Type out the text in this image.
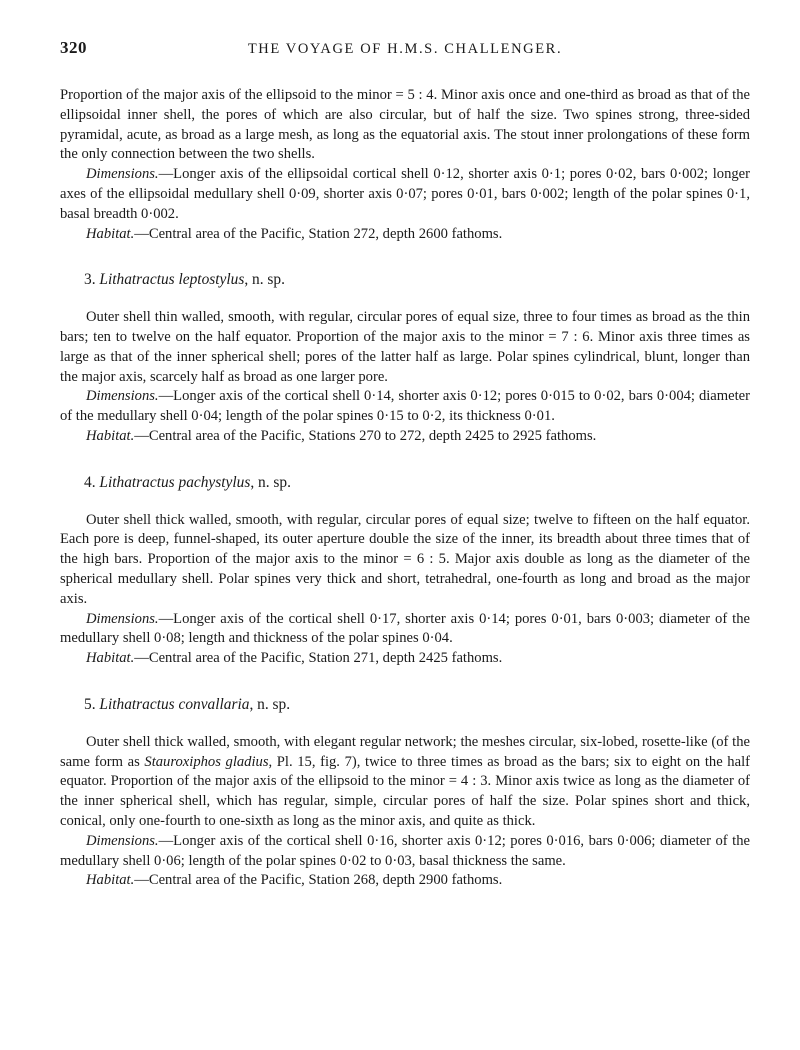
320	THE VOYAGE OF H.M.S. CHALLENGER.

Proportion of the major axis of the ellipsoid to the minor = 5 : 4. Minor axis once and one-third as broad as that of the ellipsoidal inner shell, the pores of which are also circular, but of half the size. Two spines strong, three-sided pyramidal, acute, as broad as a large mesh, as long as the equatorial axis. The stout inner prolongations of these form the only connection between the two shells.

Dimensions.—Longer axis of the ellipsoidal cortical shell 0·12, shorter axis 0·1; pores 0·02, bars 0·002; longer axes of the ellipsoidal medullary shell 0·09, shorter axis 0·07; pores 0·01, bars 0·002; length of the polar spines 0·1, basal breadth 0·002.

Habitat.—Central area of the Pacific, Station 272, depth 2600 fathoms.

3. Lithatractus leptostylus, n. sp.

Outer shell thin walled, smooth, with regular, circular pores of equal size, three to four times as broad as the thin bars; ten to twelve on the half equator. Proportion of the major axis to the minor = 7 : 6. Minor axis three times as large as that of the inner spherical shell; pores of the latter half as large. Polar spines cylindrical, blunt, longer than the major axis, scarcely half as broad as one larger pore.

Dimensions.—Longer axis of the cortical shell 0·14, shorter axis 0·12; pores 0·015 to 0·02, bars 0·004; diameter of the medullary shell 0·04; length of the polar spines 0·15 to 0·2, its thickness 0·01.

Habitat.—Central area of the Pacific, Stations 270 to 272, depth 2425 to 2925 fathoms.

4. Lithatractus pachystylus, n. sp.

Outer shell thick walled, smooth, with regular, circular pores of equal size; twelve to fifteen on the half equator. Each pore is deep, funnel-shaped, its outer aperture double the size of the inner, its breadth about three times that of the high bars. Proportion of the major axis to the minor = 6 : 5. Major axis double as long as the diameter of the spherical medullary shell. Polar spines very thick and short, tetrahedral, one-fourth as long and broad as the major axis.

Dimensions.—Longer axis of the cortical shell 0·17, shorter axis 0·14; pores 0·01, bars 0·003; diameter of the medullary shell 0·08; length and thickness of the polar spines 0·04.

Habitat.—Central area of the Pacific, Station 271, depth 2425 fathoms.

5. Lithatractus convallaria, n. sp.

Outer shell thick walled, smooth, with elegant regular network; the meshes circular, six-lobed, rosette-like (of the same form as Stauroxiphos gladius, Pl. 15, fig. 7), twice to three times as broad as the bars; six to eight on the half equator. Proportion of the major axis of the ellipsoid to the minor = 4 : 3. Minor axis twice as long as the diameter of the inner spherical shell, which has regular, simple, circular pores of half the size. Polar spines short and thick, conical, only one-fourth to one-sixth as long as the minor axis, and quite as thick.

Dimensions.—Longer axis of the cortical shell 0·16, shorter axis 0·12; pores 0·016, bars 0·006; diameter of the medullary shell 0·06; length of the polar spines 0·02 to 0·03, basal thickness the same.

Habitat.—Central area of the Pacific, Station 268, depth 2900 fathoms.
